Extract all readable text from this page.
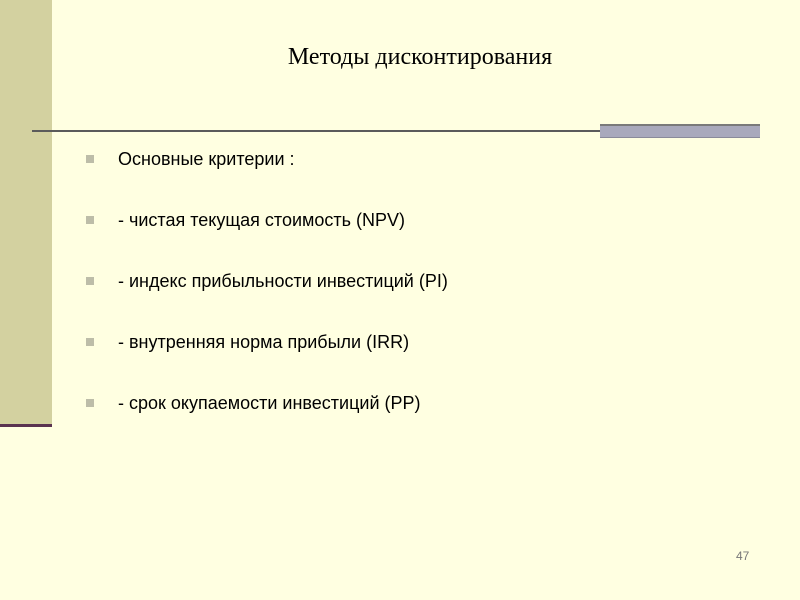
Методы дисконтирования
Основные критерии :
- чистая текущая стоимость (NPV)
- индекс прибыльности инвестиций (PI)
- внутренняя норма прибыли (IRR)
- срок окупаемости инвестиций (PP)
47
